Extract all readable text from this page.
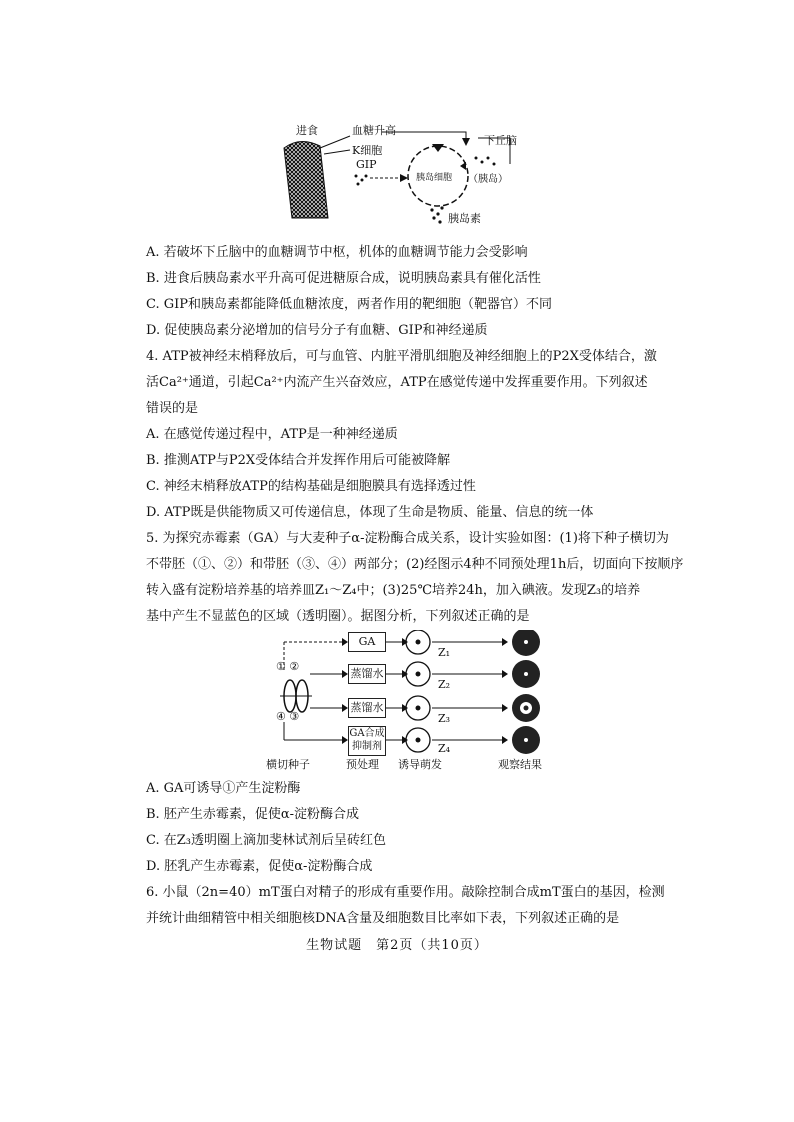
进食	血糖升高
K细胞
GIP
下丘脑
胰岛细胞 （胰岛）
胰岛素
A. 若破坏下丘脑中的血糖调节中枢，机体的血糖调节能力会受影响
B. 进食后胰岛素水平升高可促进糖原合成，说明胰岛素具有催化活性
C. GIP和胰岛素都能降低血糖浓度，两者作用的靶细胞（靶器官）不同
D. 促使胰岛素分泌增加的信号分子有血糖、GIP和神经递质
4. ATP被神经末梢释放后，可与血管、内脏平滑肌细胞及神经细胞上的P2X受体结合，激
活Ca²⁺通道，引起Ca²⁺内流产生兴奋效应，ATP在感觉传递中发挥重要作用。下列叙述
错误的是
A. 在感觉传递过程中，ATP是一种神经递质
B. 推测ATP与P2X受体结合并发挥作用后可能被降解
C. 神经末梢释放ATP的结构基础是细胞膜具有选择透过性
D. ATP既是供能物质又可传递信息，体现了生命是物质、能量、信息的统一体
5. 为探究赤霉素（GA）与大麦种子α-淀粉酶合成关系，设计实验如图：(1)将下种子横切为
不带胚（①、②）和带胚（③、④）两部分；(2)经图示4种不同预处理1h后，切面向下按顺序
转入盛有淀粉培养基的培养皿Z₁～Z₄中；(3)25℃培养24h，加入碘液。发现Z₃的培养
基中产生不显蓝色的区域（透明圈）。据图分析，下列叙述正确的是
① ②
④ ③
GA
蒸馏水
蒸馏水
GA合成抑制剂
Z₁
Z₂
Z₃
Z₄
横切种子	预处理 诱导萌发	观察结果
A. GA可诱导①产生淀粉酶
B. 胚产生赤霉素，促使α-淀粉酶合成
C. 在Z₃透明圈上滴加斐林试剂后呈砖红色
D. 胚乳产生赤霉素，促使α-淀粉酶合成
6. 小鼠（2n=40）mT蛋白对精子的形成有重要作用。敲除控制合成mT蛋白的基因，检测
并统计曲细精管中相关细胞核DNA含量及细胞数目比率如下表，下列叙述正确的是
生物试题　第2页（共10页）
